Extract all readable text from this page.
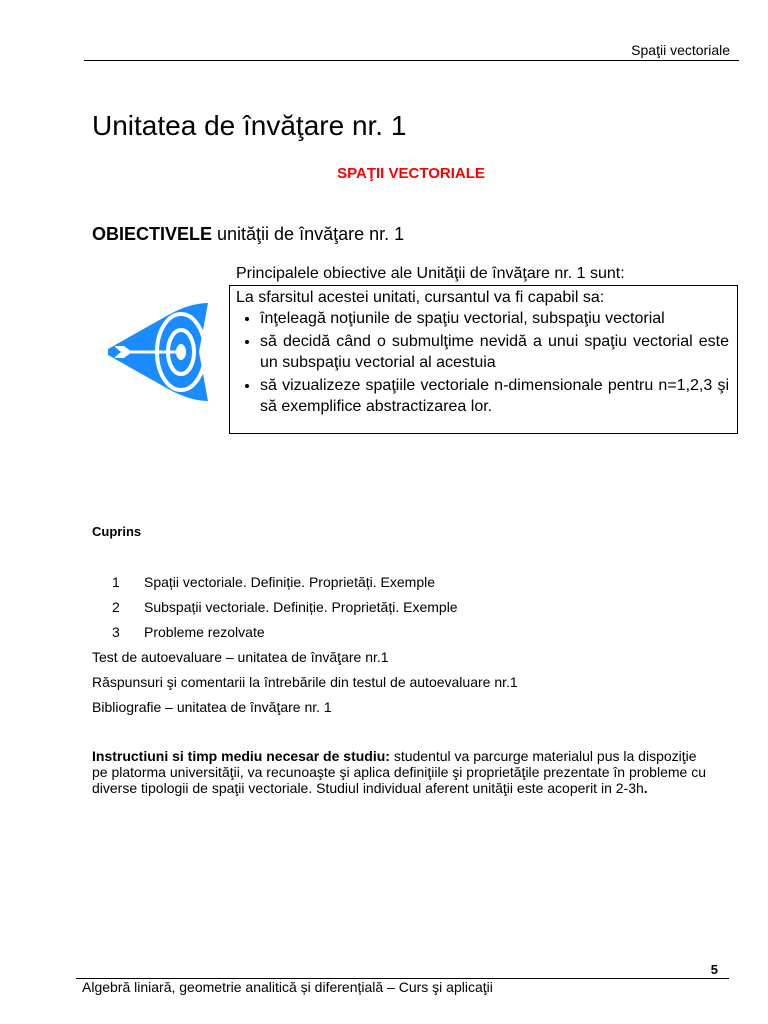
Spaţii vectoriale
Unitatea de învăţare nr. 1
SPAŢII VECTORIALE
OBIECTIVELE unităţii de învăţare nr. 1
Principalele obiective ale Unităţii de învăţare nr. 1 sunt:
La sfarsitul acestei unitati, cursantul va fi capabil sa:
• înţeleagă noţiunile de spaţiu vectorial, subspaţiu vectorial
• să decidă când o submulţime nevidă a unui spaţiu vectorial este un subspaţiu vectorial al acestuia
• să vizualizeze spaţiile vectoriale n-dimensionale pentru n=1,2,3 şi să exemplifice abstractizarea lor.
Cuprins
1 Spații vectoriale. Definiție. Proprietăți. Exemple
2 Subspații vectoriale. Definiție. Proprietăți. Exemple
3 Probleme rezolvate
Test de autoevaluare – unitatea de învăţare nr.1
Răspunsuri şi comentarii la întrebările din testul de autoevaluare nr.1
Bibliografie – unitatea de învăţare nr. 1
Instructiuni si timp mediu necesar de studiu: studentul va parcurge materialul pus la dispoziţie pe platorma universităţii, va recunoaşte şi aplica definiţiile şi proprietăţile prezentate în probleme cu diverse tipologii de spaţii vectoriale. Studiul individual aferent unităţii este acoperit in 2-3h.
5
Algebră liniară, geometrie analitică și diferențială – Curs şi aplicaţii
